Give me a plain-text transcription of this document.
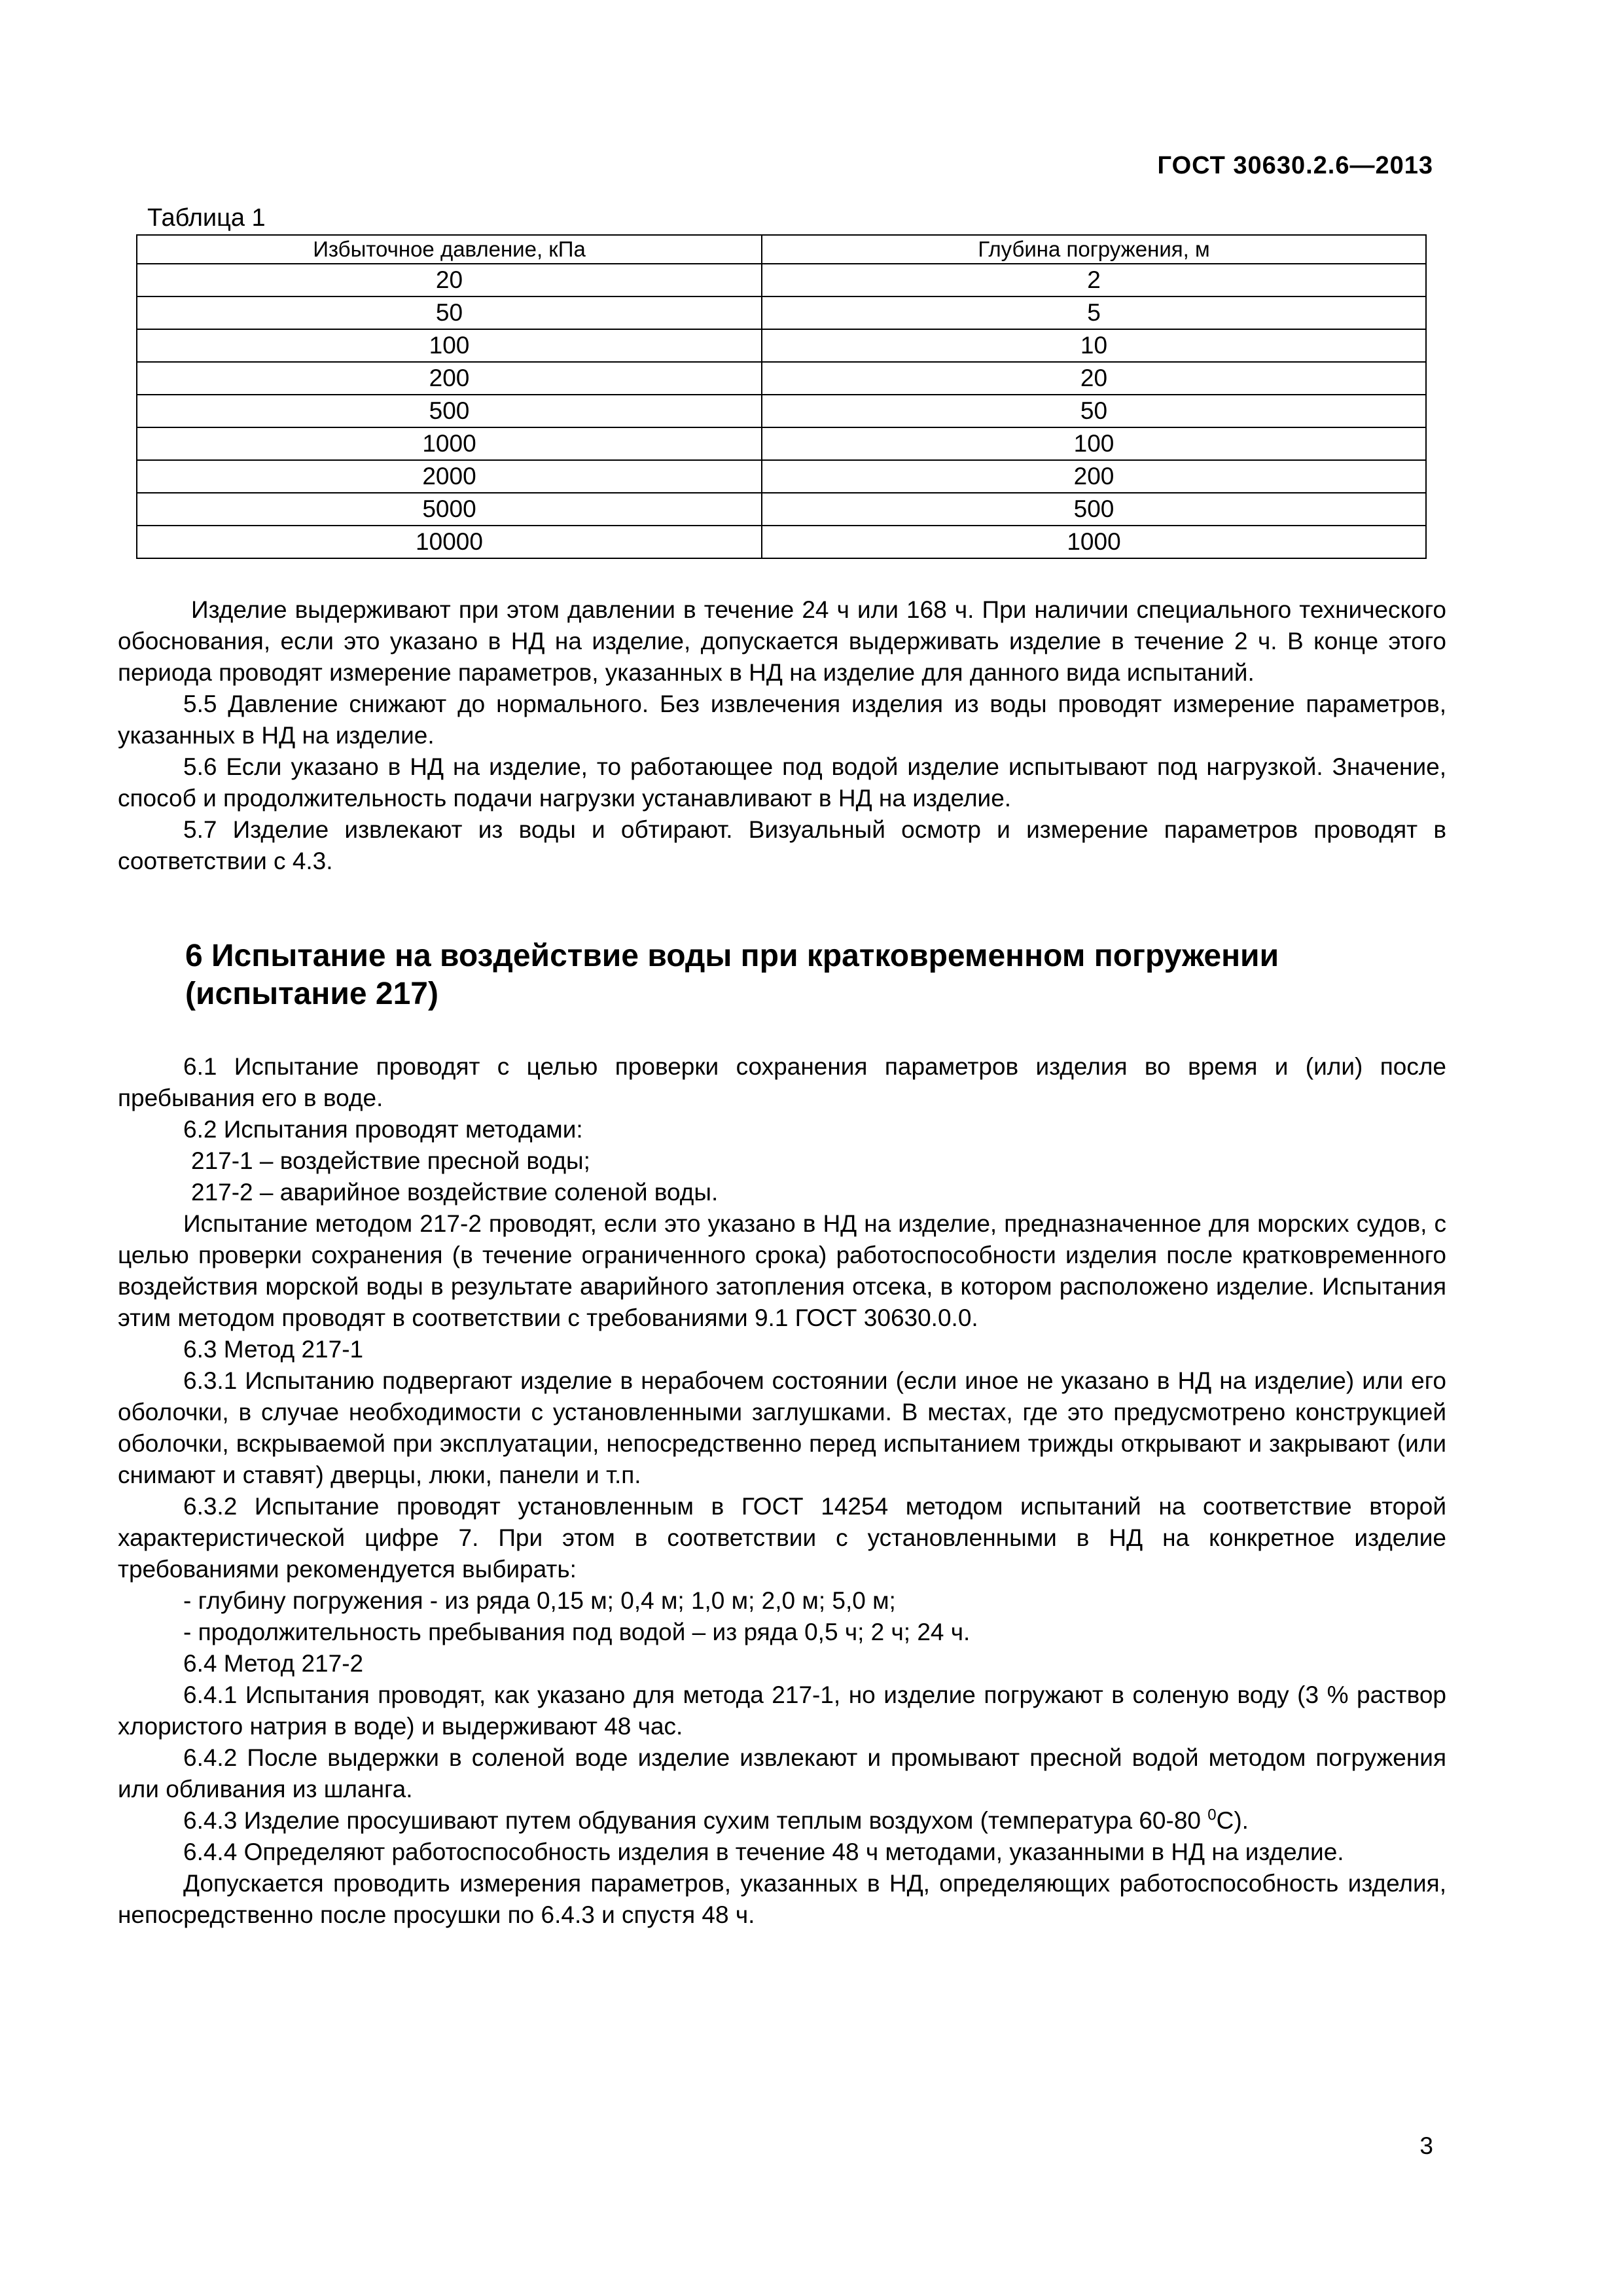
ГОСТ 30630.2.6—2013
Таблица 1
Избыточное давление, кПа	Глубина погружения, м
20	2
50	5
100	10
200	20
500	50
1000	100
2000	200
5000	500
10000	1000

Изделие выдерживают при этом давлении в течение 24 ч или 168 ч. При наличии специального технического обоснования, если это указано в НД на изделие, допускается выдерживать изделие в течение 2 ч. В конце этого периода проводят измерение параметров, указанных в НД на изделие для данного вида испытаний.

5.5 Давление снижают до нормального. Без извлечения изделия из воды проводят измерение параметров, указанных в НД на изделие.

5.6 Если указано в НД на изделие, то работающее под водой изделие испытывают под нагрузкой. Значение, способ и продолжительность подачи нагрузки устанавливают в НД на изделие.

5.7 Изделие извлекают из воды и обтирают. Визуальный осмотр и измерение параметров проводят в соответствии с 4.3.

6 Испытание на воздействие воды при кратковременном погружении (испытание 217)

6.1 Испытание проводят с целью проверки сохранения параметров изделия во время и (или) после пребывания его в воде.

6.2 Испытания проводят методами:

217-1 – воздействие пресной воды;

217-2 – аварийное воздействие соленой воды.

Испытание методом 217-2 проводят, если это указано в НД на изделие, предназначенное для морских судов, с целью проверки сохранения (в течение ограниченного срока) работоспособности изделия после кратковременного воздействия морской воды в результате аварийного затопления отсека, в котором расположено изделие. Испытания этим методом проводят в соответствии с требованиями 9.1 ГОСТ 30630.0.0.

6.3 Метод 217-1

6.3.1 Испытанию подвергают изделие в нерабочем состоянии (если иное не указано в НД на изделие) или его оболочки, в случае необходимости с установленными заглушками. В местах, где это предусмотрено конструкцией оболочки, вскрываемой при эксплуатации, непосредственно перед испытанием трижды открывают и закрывают (или снимают и ставят) дверцы, люки, панели и т.п.

6.3.2 Испытание проводят установленным в ГОСТ 14254 методом испытаний на соответствие второй характеристической цифре 7. При этом в соответствии с установленными в НД на конкретное изделие требованиями рекомендуется выбирать:

- глубину погружения - из ряда 0,15 м; 0,4 м; 1,0 м; 2,0 м; 5,0 м;

- продолжительность пребывания под водой – из ряда 0,5 ч; 2 ч; 24 ч.

6.4 Метод 217-2

6.4.1 Испытания проводят, как указано для метода 217-1, но изделие погружают в соленую воду (3 % раствор хлористого натрия в воде) и выдерживают 48 час.

6.4.2 После выдержки в соленой воде изделие извлекают и промывают пресной водой методом погружения или обливания из шланга.

6.4.3 Изделие просушивают путем обдувания сухим теплым воздухом (температура 60-80 $^0$С).

6.4.4 Определяют работоспособность изделия в течение 48 ч методами, указанными в НД на изделие.

Допускается проводить измерения параметров, указанных в НД, определяющих работоспособность изделия, непосредственно после просушки по 6.4.3 и спустя 48 ч.

3
